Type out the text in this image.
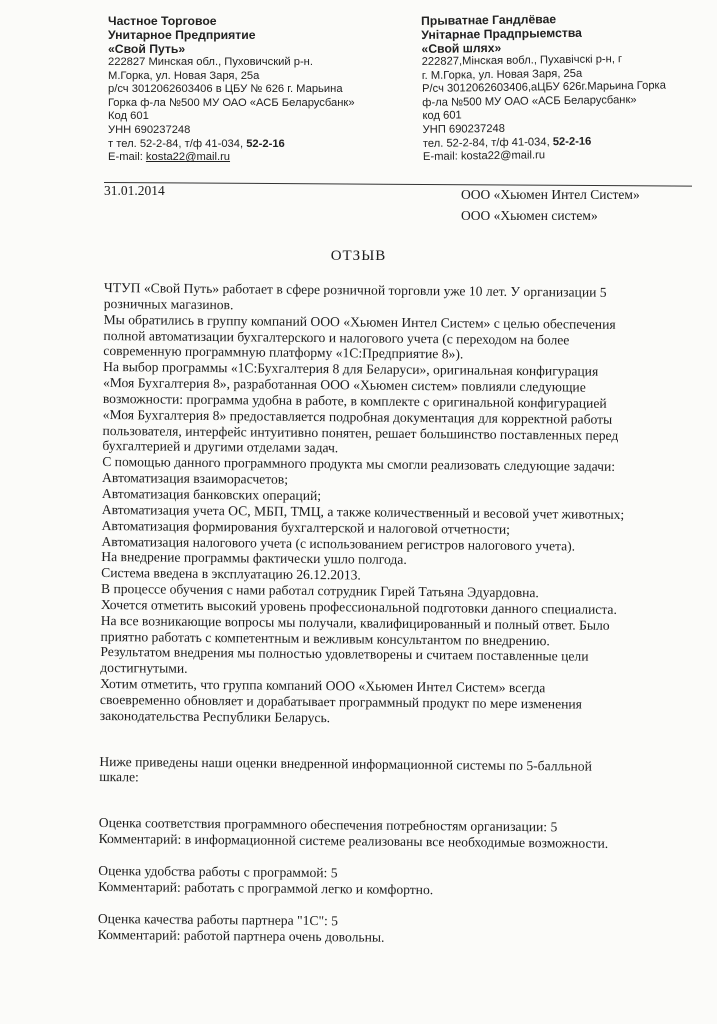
Частное Торговое
Унитарное Предприятие
«Свой Путь»
222827 Минская обл., Пуховичский р-н.
М.Горка, ул. Новая Заря, 25а
р/сч 3012062603406 в ЦБУ № 626 г. Марьина
Горка ф-ла №500 МУ ОАО «АСБ Беларусбанк»
Код 601
УНН 690237248
т тел. 52-2-84, т/ф 41-034, 52-2-16
E-mail: kosta22@mail.ru
Прыватнае Гандлёвае
Унітарнае Прадпрыемства
«Свой шлях»
222827,Мінская вобл., Пухавічскі р-н, г
г. М.Горка, ул. Новая Заря, 25а
Р/сч 3012062603406,аЦБУ 626г.Марьина Горка
ф-ла №500 МУ ОАО «АСБ Беларусбанк»
код 601
УНП 690237248
тел. 52-2-84, т/ф 41-034, 52-2-16
E-mail: kosta22@mail.ru
31.01.2014	ООО «Хьюмен Интел Систем»
ООО «Хьюмен систем»
ОТЗЫВ
ЧТУП «Свой Путь» работает в сфере розничной торговли уже 10 лет. У организации 5
розничных магазинов.
Мы обратились в группу компаний ООО «Хьюмен Интел Систем» с целью обеспечения
полной автоматизации бухгалтерского и налогового учета (с переходом на более
современную программную платформу «1С:Предприятие 8»).
На выбор программы «1С:Бухгалтерия 8 для Беларуси», оригинальная конфигурация
«Моя Бухгалтерия 8», разработанная ООО «Хьюмен систем» повлияли следующие
возможности: программа удобна в работе, в комплекте с оригинальной конфигурацией
«Моя Бухгалтерия 8» предоставляется подробная документация для корректной работы
пользователя, интерфейс интуитивно понятен, решает большинство поставленных перед
бухгалтерией и другими отделами задач.
С помощью данного программного продукта мы смогли реализовать следующие задачи:
Автоматизация взаиморасчетов;
Автоматизация банковских операций;
Автоматизация учета ОС, МБП, ТМЦ, а также количественный и весовой учет животных;
Автоматизация формирования бухгалтерской и налоговой отчетности;
Автоматизация налогового учета (с использованием регистров налогового учета).
На внедрение программы фактически ушло полгода.
Система введена в эксплуатацию 26.12.2013.
В процессе обучения с нами работал сотрудник Гирей Татьяна Эдуардовна.
Хочется отметить высокий уровень профессиональной подготовки данного специалиста.
На все возникающие вопросы мы получали, квалифицированный и полный ответ. Было
приятно работать с компетентным и вежливым консультантом по внедрению.
Результатом внедрения мы полностью удовлетворены и считаем поставленные цели
достигнутыми.
Хотим отметить, что группа компаний ООО «Хьюмен Интел Систем» всегда
своевременно обновляет и дорабатывает программный продукт по мере изменения
законодательства Республики Беларусь.
Ниже приведены наши оценки внедренной информационной системы по 5-балльной
шкале:
Оценка соответствия программного обеспечения потребностям организации: 5
Комментарий: в информационной системе реализованы все необходимые возможности.
Оценка удобства работы с программой: 5
Комментарий: работать с программой легко и комфортно.
Оценка качества работы партнера "1С": 5
Комментарий: работой партнера очень довольны.
